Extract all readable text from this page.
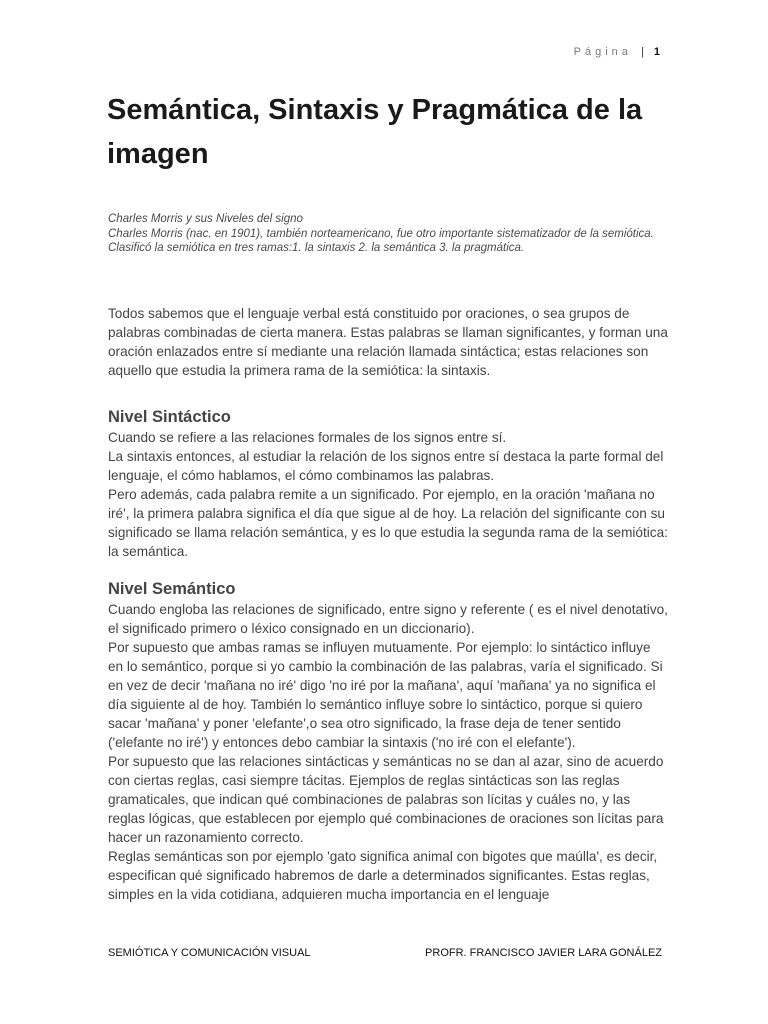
Página | 1
Semántica, Sintaxis y Pragmática de la imagen

Charles Morris y sus Niveles del signo

Charles Morris (nac. en 1901), también norteamericano, fue otro importante sistematizador de la semiótica. Clasificó la semiótica en tres ramas:1. la sintaxis 2. la semántica 3. la pragmática.

Todos sabemos que el lenguaje verbal está constituido por oraciones, o sea grupos de palabras combinadas de cierta manera. Estas palabras se llaman significantes, y forman una oración enlazados entre sí mediante una relación llamada sintáctica; estas relaciones son aquello que estudia la primera rama de la semiótica: la sintaxis.

Nivel Sintáctico

Cuando se refiere a las relaciones formales de los signos entre sí.

La sintaxis entonces, al estudiar la relación de los signos entre sí destaca la parte formal del lenguaje, el cómo hablamos, el cómo combinamos las palabras.

Pero además, cada palabra remite a un significado. Por ejemplo, en la oración 'mañana no iré', la primera palabra significa el día que sigue al de hoy. La relación del significante con su significado se llama relación semántica, y es lo que estudia la segunda rama de la semiótica: la semántica.

Nivel Semántico

Cuando engloba las relaciones de significado, entre signo y referente ( es el nivel denotativo, el significado primero o léxico consignado en un diccionario).

Por supuesto que ambas ramas se influyen mutuamente. Por ejemplo: lo sintáctico influye en lo semántico, porque si yo cambio la combinación de las palabras, varía el significado. Si en vez de decir 'mañana no iré' digo 'no iré por la mañana', aquí 'mañana' ya no significa el día siguiente al de hoy. También lo semántico influye sobre lo sintáctico, porque si quiero sacar 'mañana' y poner 'elefante',o sea otro significado, la frase deja de tener sentido ('elefante no iré') y entonces debo cambiar la sintaxis ('no iré con el elefante').

Por supuesto que las relaciones sintácticas y semánticas no se dan al azar, sino de acuerdo con ciertas reglas, casi siempre tácitas. Ejemplos de reglas sintácticas son las reglas gramaticales, que indican qué combinaciones de palabras son lícitas y cuáles no, y las reglas lógicas, que establecen por ejemplo qué combinaciones de oraciones son lícitas para hacer un razonamiento correcto.

Reglas semánticas son por ejemplo 'gato significa animal con bigotes que maúlla', es decir, especifican qué significado habremos de darle a determinados significantes. Estas reglas, simples en la vida cotidiana, adquieren mucha importancia en el lenguaje

SEMIÓTICA Y COMUNICACIÓN VISUAL	PROFR. FRANCISCO JAVIER LARA GONÁLEZ
